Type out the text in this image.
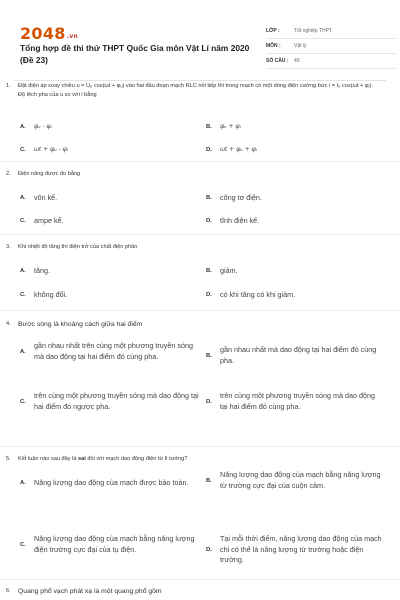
2048.vn
Tổng hợp đề thi thử THPT Quốc Gia môn Vật Lí năm 2020 (Đề 23)
LỚP :	Tốt nghiệp THPT
MÔN :	Vật lý
SỐ CÂU :	40
1.	Đặt điện áp xoay chiều u = U₀ cos(ωt + φᵤ) vào hai đầu đoạn mạch RLC nối tiếp thì trong mạch có một dòng điện cường bức i = I₀ cos(ωt + φᵢ). Độ lệch pha của u so với i bằng
A.	φᵤ - φᵢ	B.	φᵤ + φᵢ
C.	ωt + φᵤ - φᵢ	D.	ωt + φᵤ + φᵢ
2.	Điện năng được đo bằng
A.	vôn kế.	B.	công tơ điện.
C.	ampe kế.	D.	tĩnh điện kế.
3.	Khi nhiệt độ tăng thì điện trở của chất điện phân
A.	tăng.	B.	giảm.
C.	không đổi.	D.	có khi tăng có khi giảm.
4.	Bước sóng là khoảng cách giữa hai điểm
A.
gần nhau nhất trên cùng một phương truyền sóng mà dao động tại hai điểm đó cùng pha.	B.
gần nhau nhất mà dao động tại hai điểm đó cùng pha.
C.
trên cùng một phương truyền sóng mà dao động tại hai điểm đó ngược pha.	D.
trên cùng một phương truyền sóng mà dao động tại hai điểm đó cùng pha.
5.	Kết luận nào sau đây là sai đối với mạch dao động điện từ lí tưởng?
A.	Năng lượng dao động của mạch được bảo toàn.	B.
Năng lượng dao động của mạch bằng năng lượng từ trường cực đại của cuộn cảm.
C.
Năng lượng dao động của mạch bằng năng lượng điện trường cực đại của tụ điện.	D.
Tại mỗi thời điểm, năng lượng dao động của mạch chỉ có thể là năng lượng từ trường hoặc điện trường.
6.	Quang phổ vạch phát xạ là một quang phổ gồm
